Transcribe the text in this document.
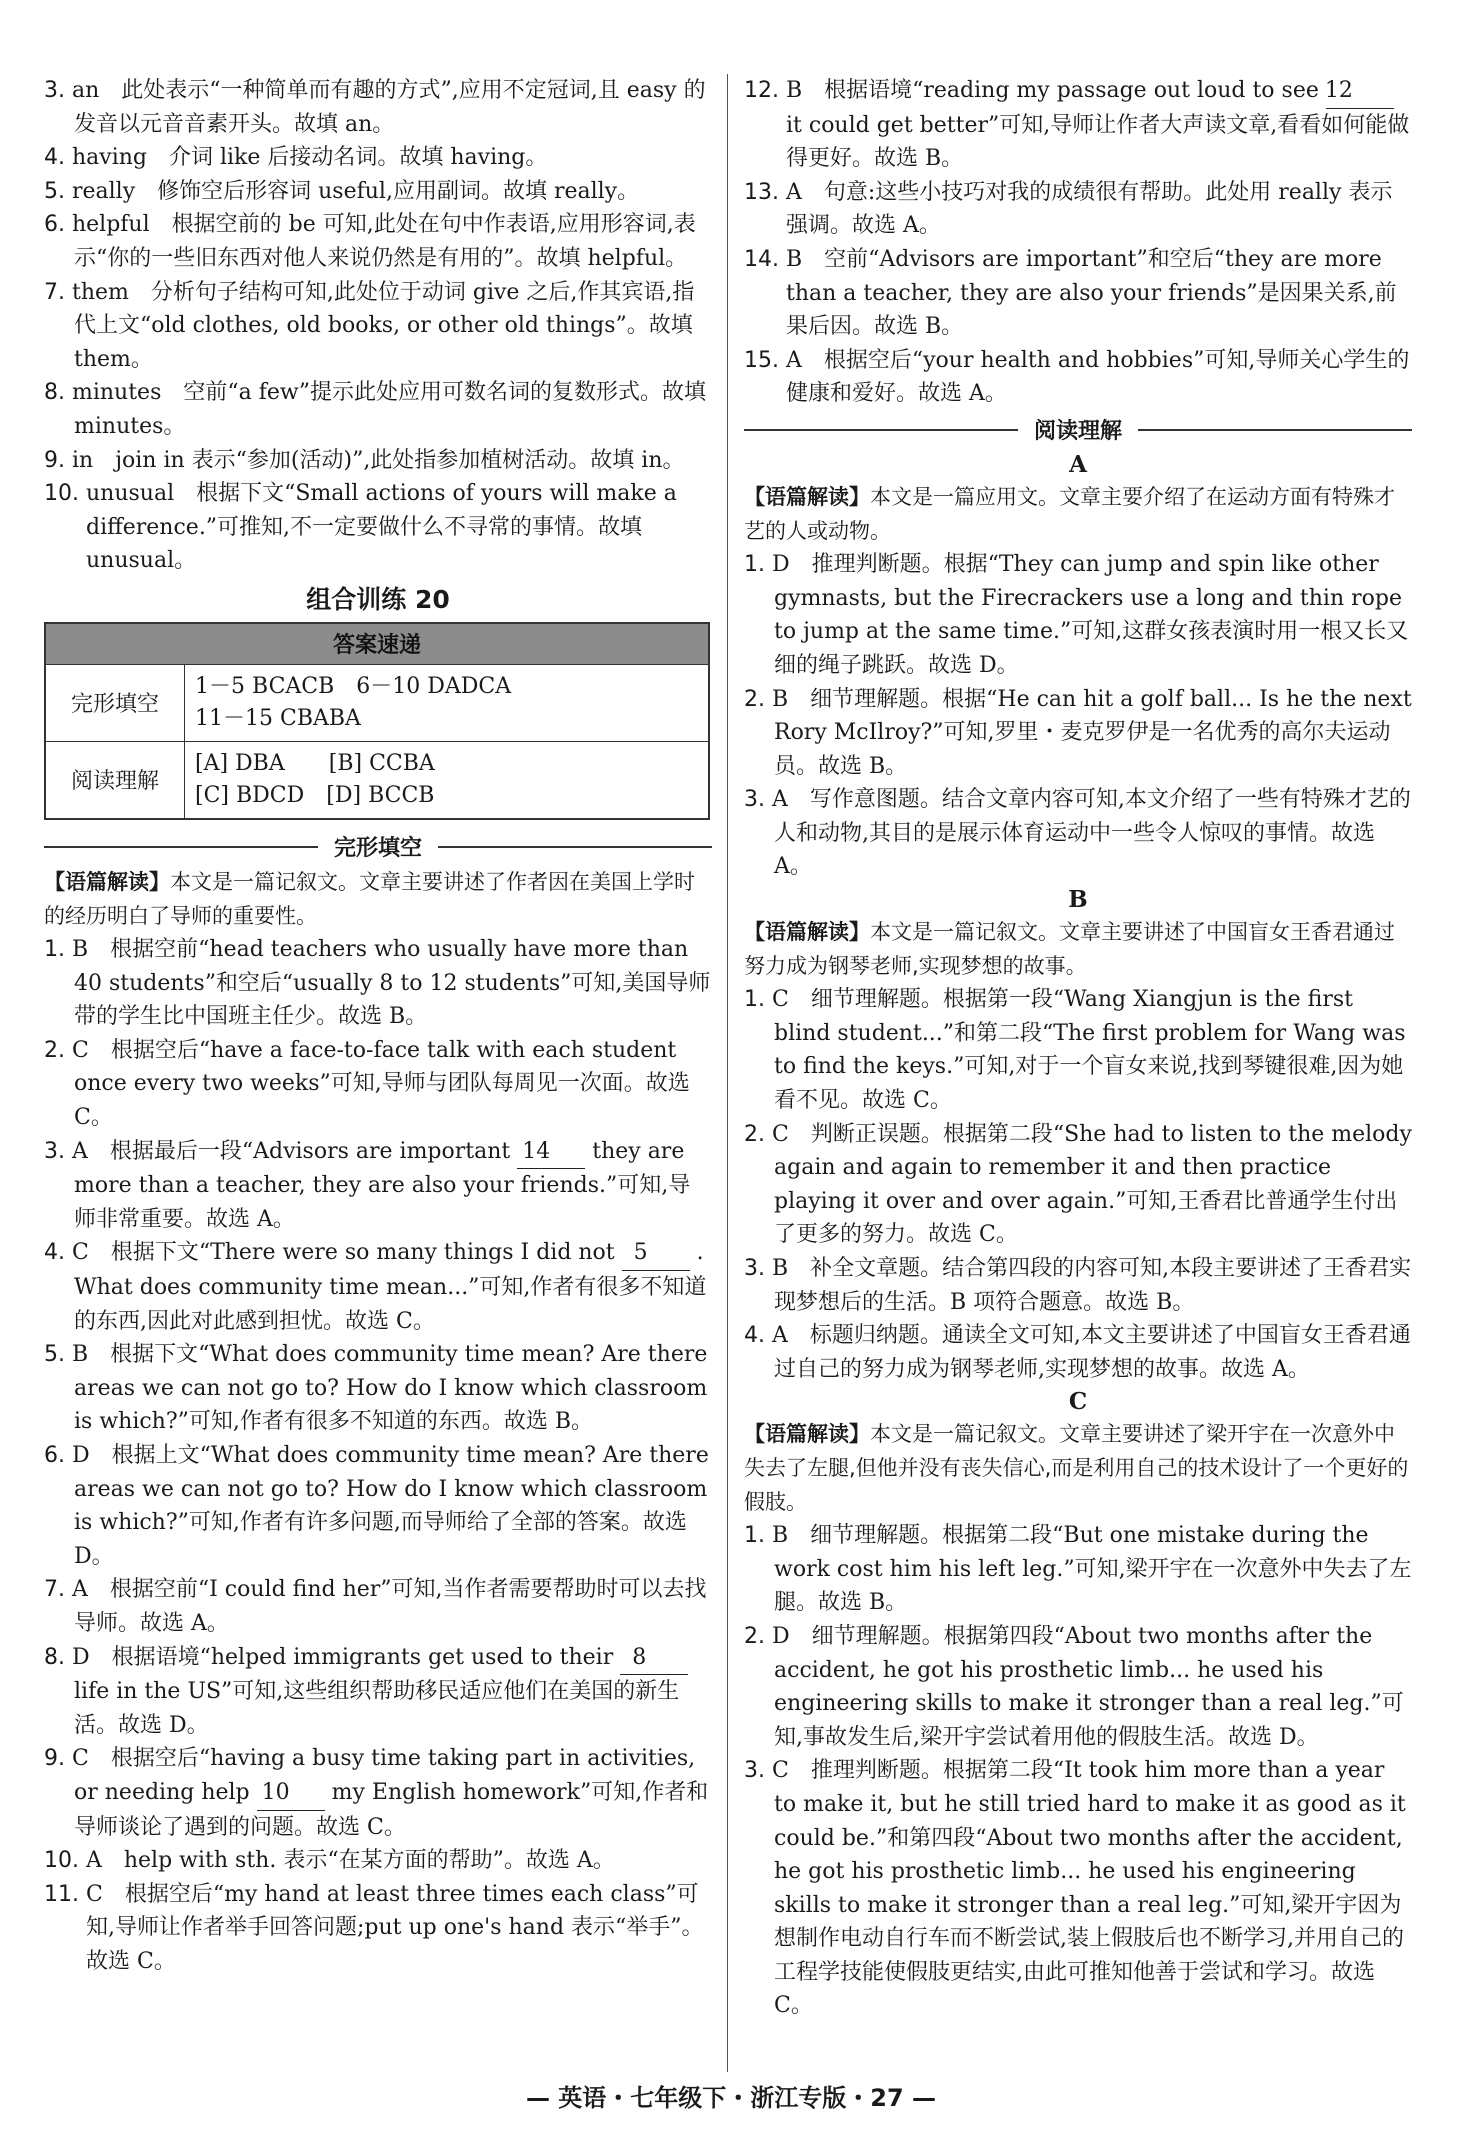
3. an　此处表示“一种简单而有趣的方式”,应用不定冠词,且 easy 的发音以元音音素开头。故填 an。

4. having　介词 like 后接动名词。故填 having。

5. really　修饰空后形容词 useful,应用副词。故填 really。

6. helpful　根据空前的 be 可知,此处在句中作表语,应用形容词,表示“你的一些旧东西对他人来说仍然是有用的”。故填 helpful。

7. them　分析句子结构可知,此处位于动词 give 之后,作其宾语,指代上文“old clothes, old books, or other old things”。故填 them。

8. minutes　空前“a few”提示此处应用可数名词的复数形式。故填 minutes。

9. in　join in 表示“参加(活动)”,此处指参加植树活动。故填 in。

10. unusual　根据下文“Small actions of yours will make a difference.”可推知,不一定要做什么不寻常的事情。故填 unusual。

组合训练 20
答案速递	
完形填空	1－5 BCACB　6－10 DADCA
11－15 CBABA

阅读理解	[A] DBA　　[B] CCBA
[C] BDCD　[D] BCCB
完形填空

【语篇解读】本文是一篇记叙文。文章主要讲述了作者因在美国上学时的经历明白了导师的重要性。

1. B　根据空前“head teachers who usually have more than 40 students”和空后“usually 8 to 12 students”可知,美国导师带的学生比中国班主任少。故选 B。

2. C　根据空后“have a face-to-face talk with each student once every two weeks”可知,导师与团队每周见一次面。故选 C。

3. A　根据最后一段“Advisors are important 14 they are more than a teacher, they are also your friends.”可知,导师非常重要。故选 A。

4. C　根据下文“There were so many things I did not 5 . What does community time mean...”可知,作者有很多不知道的东西,因此对此感到担忧。故选 C。

5. B　根据下文“What does community time mean? Are there areas we can not go to? How do I know which classroom is which?”可知,作者有很多不知道的东西。故选 B。

6. D　根据上文“What does community time mean? Are there areas we can not go to? How do I know which classroom is which?”可知,作者有许多问题,而导师给了全部的答案。故选 D。

7. A　根据空前“I could find her”可知,当作者需要帮助时可以去找导师。故选 A。

8. D　根据语境“helped immigrants get used to their 8 life in the US”可知,这些组织帮助移民适应他们在美国的新生活。故选 D。

9. C　根据空后“having a busy time taking part in activities, or needing help 10 my English homework”可知,作者和导师谈论了遇到的问题。故选 C。

10. A　help with sth. 表示“在某方面的帮助”。故选 A。

11. C　根据空后“my hand at least three times each class”可知,导师让作者举手回答问题;put up one's hand 表示“举手”。故选 C。

12. B　根据语境“reading my passage out loud to see 12 it could get better”可知,导师让作者大声读文章,看看如何能做得更好。故选 B。

13. A　句意:这些小技巧对我的成绩很有帮助。此处用 really 表示强调。故选 A。

14. B　空前“Advisors are important”和空后“they are more than a teacher, they are also your friends”是因果关系,前果后因。故选 B。

15. A　根据空后“your health and hobbies”可知,导师关心学生的健康和爱好。故选 A。

阅读理解
A

【语篇解读】本文是一篇应用文。文章主要介绍了在运动方面有特殊才艺的人或动物。

1. D　推理判断题。根据“They can jump and spin like other gymnasts, but the Firecrackers use a long and thin rope to jump at the same time.”可知,这群女孩表演时用一根又长又细的绳子跳跃。故选 D。

2. B　细节理解题。根据“He can hit a golf ball... Is he the next Rory McIlroy?”可知,罗里・麦克罗伊是一名优秀的高尔夫运动员。故选 B。

3. A　写作意图题。结合文章内容可知,本文介绍了一些有特殊才艺的人和动物,其目的是展示体育运动中一些令人惊叹的事情。故选 A。

B

【语篇解读】本文是一篇记叙文。文章主要讲述了中国盲女王香君通过努力成为钢琴老师,实现梦想的故事。

1. C　细节理解题。根据第一段“Wang Xiangjun is the first blind student...”和第二段“The first problem for Wang was to find the keys.”可知,对于一个盲女来说,找到琴键很难,因为她看不见。故选 C。

2. C　判断正误题。根据第二段“She had to listen to the melody again and again to remember it and then practice playing it over and over again.”可知,王香君比普通学生付出了更多的努力。故选 C。

3. B　补全文章题。结合第四段的内容可知,本段主要讲述了王香君实现梦想后的生活。B 项符合题意。故选 B。

4. A　标题归纳题。通读全文可知,本文主要讲述了中国盲女王香君通过自己的努力成为钢琴老师,实现梦想的故事。故选 A。

C

【语篇解读】本文是一篇记叙文。文章主要讲述了梁开宇在一次意外中失去了左腿,但他并没有丧失信心,而是利用自己的技术设计了一个更好的假肢。

1. B　细节理解题。根据第二段“But one mistake during the work cost him his left leg.”可知,梁开宇在一次意外中失去了左腿。故选 B。

2. D　细节理解题。根据第四段“About two months after the accident, he got his prosthetic limb... he used his engineering skills to make it stronger than a real leg.”可知,事故发生后,梁开宇尝试着用他的假肢生活。故选 D。

3. C　推理判断题。根据第二段“It took him more than a year to make it, but he still tried hard to make it as good as it could be.”和第四段“About two months after the accident, he got his prosthetic limb... he used his engineering skills to make it stronger than a real leg.”可知,梁开宇因为想制作电动自行车而不断尝试,装上假肢后也不断学习,并用自己的工程学技能使假肢更结实,由此可推知他善于尝试和学习。故选 C。

— 英语・七年级下・浙江专版・27 —
